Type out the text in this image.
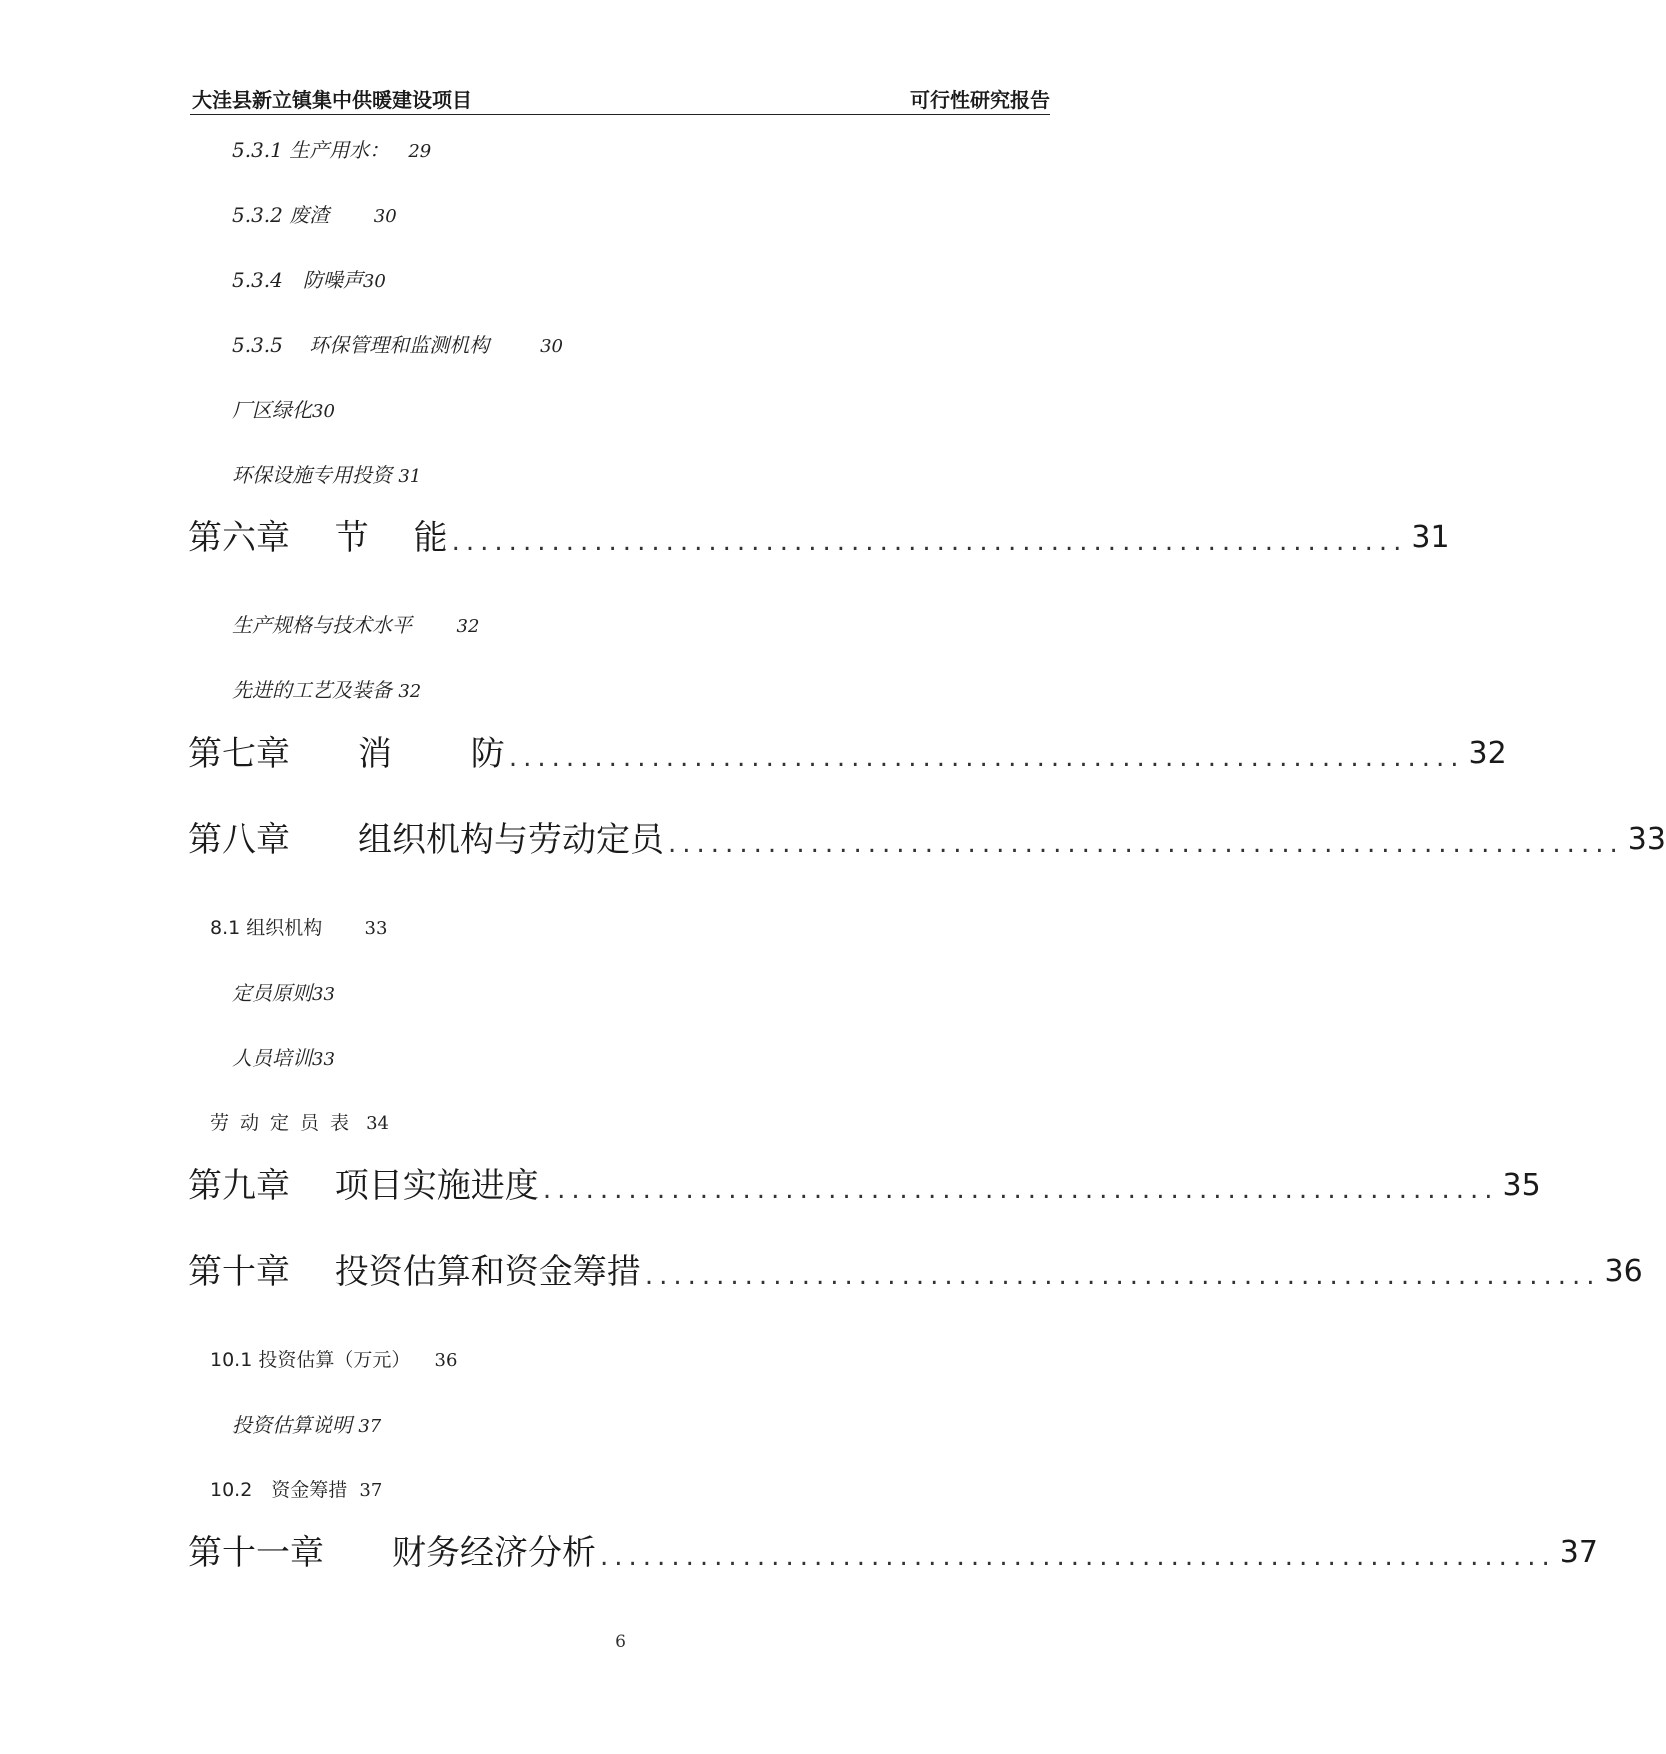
大洼县新立镇集中供暖建设项目	可行性研究报告
5.3.1 生产用水： 29
5.3.2 废渣 30
5.3.4　防噪声30
5.3.5　 环保管理和监测机构	30
厂区绿化30
环保设施专用投资 31
第六章　 节　 能 ................................................................... 31
生产规格与技术水平 32
先进的工艺及装备 32
第七章　　消　　 防 ................................................................... 32
第八章　　组织机构与劳动定员 ................................................................... 33
8.1 组织机构 33
定员原则33
人员培训33
劳动定员表 34
第九章　 项目实施进度 ................................................................... 35
第十章　 投资估算和资金筹措 ................................................................... 36
10.1 投资估算（万元） 36
投资估算说明 37
10.2　资金筹措 37
第十一章　　财务经济分析 ................................................................... 37
6
